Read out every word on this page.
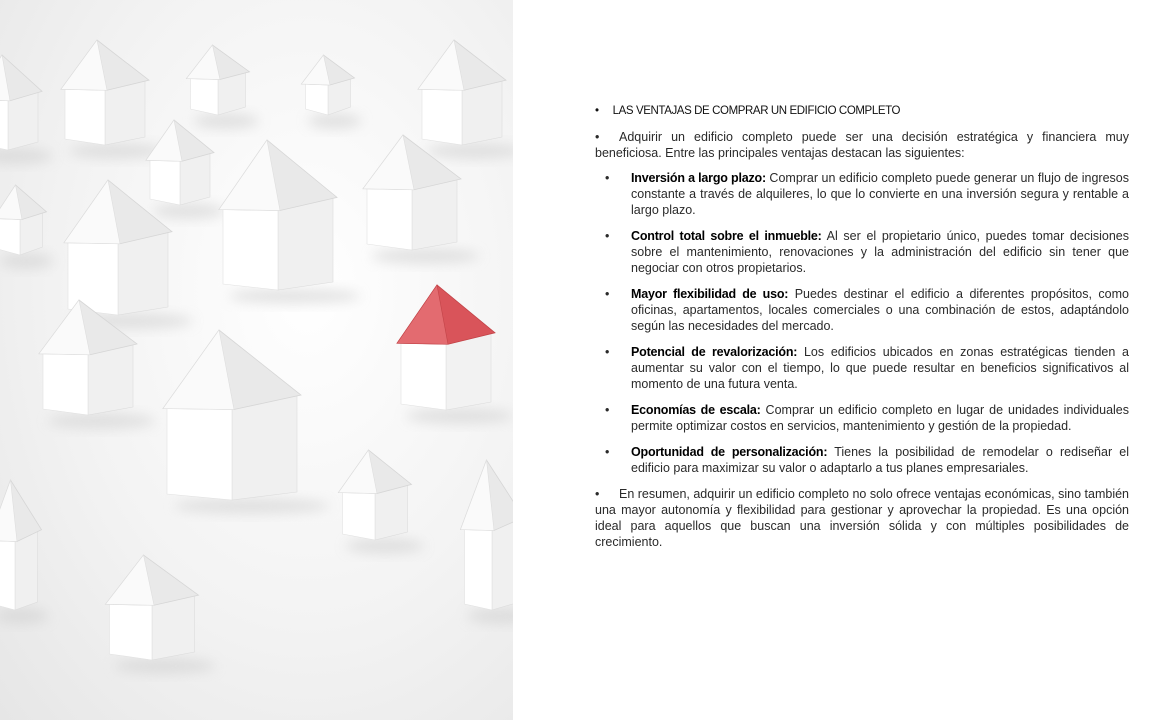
• LAS VENTAJAS DE COMPRAR UN EDIFICIO COMPLETO

• Adquirir un edificio completo puede ser una decisión estratégica y financiera muy beneficiosa. Entre las principales ventajas destacan las siguientes:

•	Inversión a largo plazo: Comprar un edificio completo puede generar un flujo de ingresos constante a través de alquileres, lo que lo convierte en una inversión segura y rentable a largo plazo.
•	Control total sobre el inmueble: Al ser el propietario único, puedes tomar decisiones sobre el mantenimiento, renovaciones y la administración del edificio sin tener que negociar con otros propietarios.
•	Mayor flexibilidad de uso: Puedes destinar el edificio a diferentes propósitos, como oficinas, apartamentos, locales comerciales o una combinación de estos, adaptándolo según las necesidades del mercado.
•	Potencial de revalorización: Los edificios ubicados en zonas estratégicas tienden a aumentar su valor con el tiempo, lo que puede resultar en beneficios significativos al momento de una futura venta.
•	Economías de escala: Comprar un edificio completo en lugar de unidades individuales permite optimizar costos en servicios, mantenimiento y gestión de la propiedad.
•	Oportunidad de personalización: Tienes la posibilidad de remodelar o rediseñar el edificio para maximizar su valor o adaptarlo a tus planes empresariales.

• En resumen, adquirir un edificio completo no solo ofrece ventajas económicas, sino también una mayor autonomía y flexibilidad para gestionar y aprovechar la propiedad. Es una opción ideal para aquellos que buscan una inversión sólida y con múltiples posibilidades de crecimiento.
